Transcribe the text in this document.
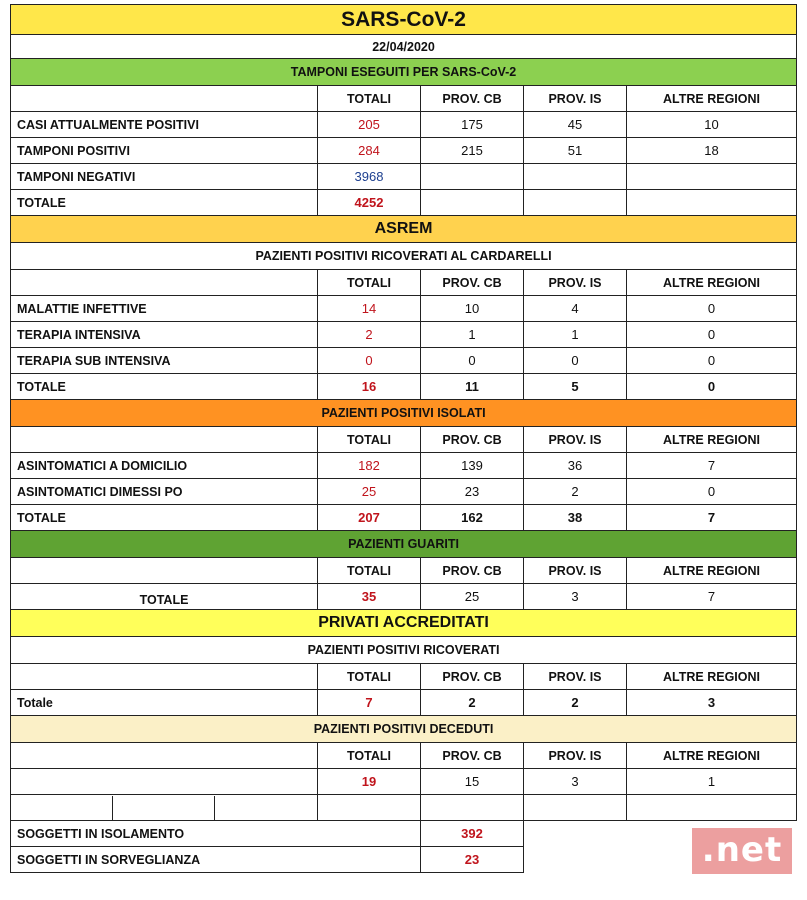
SARS-CoV-2				
22/04/2020				
TAMPONI ESEGUITI PER SARS-CoV-2				
	TOTALI	PROV. CB	PROV. IS	ALTRE REGIONI
CASI ATTUALMENTE POSITIVI	205	175	45	10
TAMPONI POSITIVI	284	215	51	18
TAMPONI NEGATIVI	3968			
TOTALE	4252			
ASREM				
PAZIENTI POSITIVI RICOVERATI AL CARDARELLI				
	TOTALI	PROV. CB	PROV. IS	ALTRE REGIONI
MALATTIE INFETTIVE	14	10	4	0
TERAPIA INTENSIVA	2	1	1	0
TERAPIA SUB INTENSIVA	0	0	0	0
TOTALE	16	11	5	0
PAZIENTI POSITIVI ISOLATI				
	TOTALI	PROV. CB	PROV. IS	ALTRE REGIONI
ASINTOMATICI A DOMICILIO	182	139	36	7
ASINTOMATICI DIMESSI PO	25	23	2	0
TOTALE	207	162	38	7
PAZIENTI GUARITI				
	TOTALI	PROV. CB	PROV. IS	ALTRE REGIONI
TOTALE	35	25	3	7
PRIVATI ACCREDITATI				
PAZIENTI POSITIVI RICOVERATI				
	TOTALI	PROV. CB	PROV. IS	ALTRE REGIONI
Totale	7	2	2	3
PAZIENTI POSITIVI DECEDUTI				
	TOTALI	PROV. CB	PROV. IS	ALTRE REGIONI
	19	15	3	1

SOGGETTI IN ISOLAMENTO		392		
SOGGETTI IN SORVEGLIANZA		23			.net
